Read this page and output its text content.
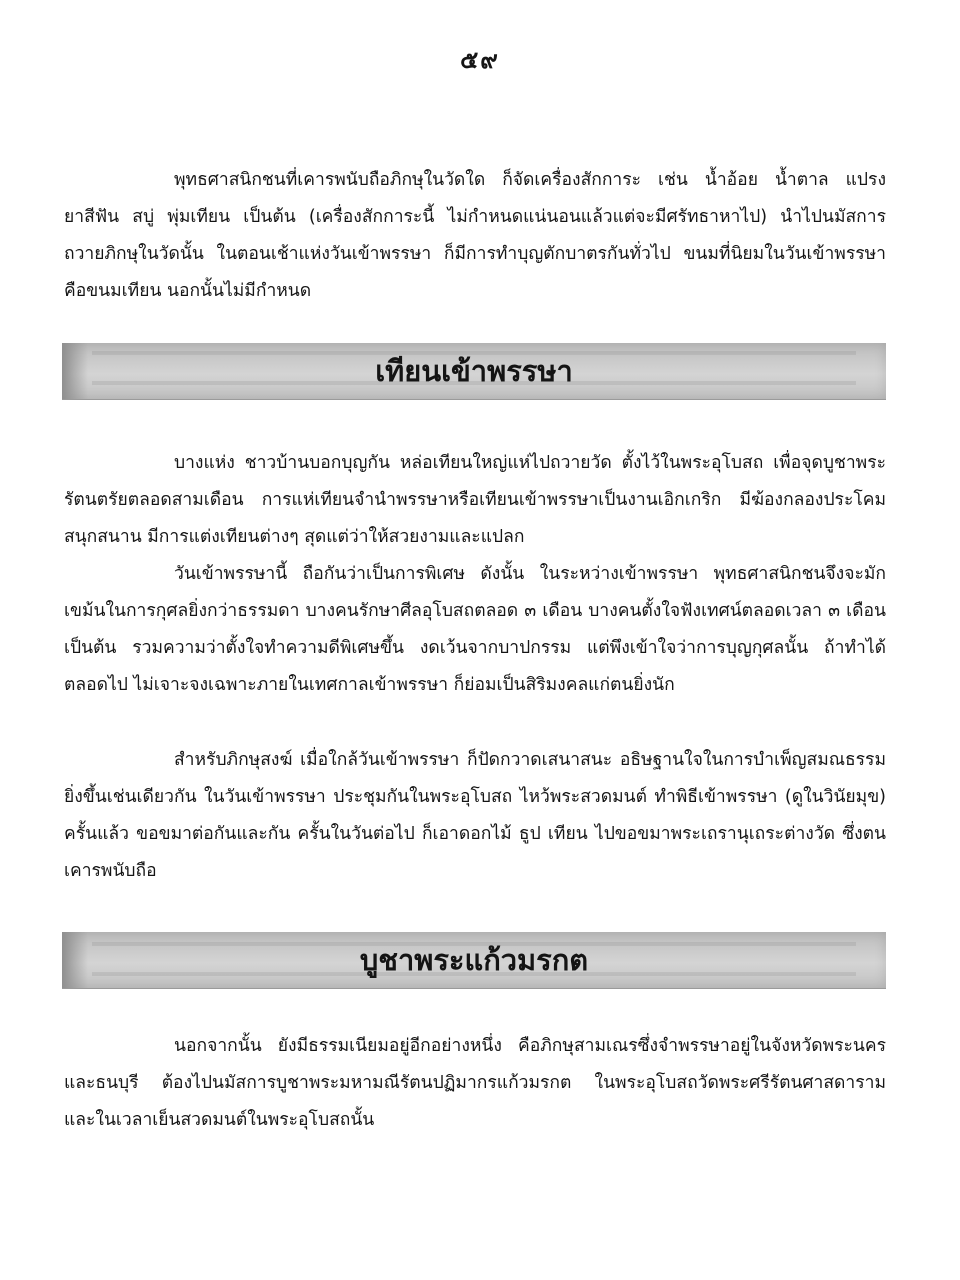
๕๙

พุทธศาสนิกชนที่เคารพนับถือภิกษุในวัดใด ก็จัดเครื่องสักการะ เช่น น้ำอ้อย น้ำตาล แปรง ยาสีฟัน สบู่ พุ่มเทียน เป็นต้น (เครื่องสักการะนี้ ไม่กำหนดแน่นอนแล้วแต่จะมีศรัทธาหาไป) นำไปนมัสการ ถวายภิกษุในวัดนั้น ในตอนเช้าแห่งวันเข้าพรรษา ก็มีการทำบุญตักบาตรกันทั่วไป ขนมที่นิยมในวันเข้าพรรษา คือขนมเทียน นอกนั้นไม่มีกำหนด

เทียนเข้าพรรษา

บางแห่ง ชาวบ้านบอกบุญกัน หล่อเทียนใหญ่แห่ไปถวายวัด ตั้งไว้ในพระอุโบสถ เพื่อจุดบูชาพระรัตนตรัยตลอดสามเดือน การแห่เทียนจำนำพรรษาหรือเทียนเข้าพรรษาเป็นงานเอิกเกริก มีฆ้องกลองประโคมสนุกสนาน มีการแต่งเทียนต่างๆ สุดแต่ว่าให้สวยงามและแปลก

วันเข้าพรรษานี้ ถือกันว่าเป็นการพิเศษ ดังนั้น ในระหว่างเข้าพรรษา พุทธศาสนิกชนจึงจะมักเขม้นในการกุศลยิ่งกว่าธรรมดา บางคนรักษาศีลอุโบสถตลอด ๓ เดือน บางคนตั้งใจฟังเทศน์ตลอดเวลา ๓ เดือน เป็นต้น รวมความว่าตั้งใจทำความดีพิเศษขึ้น งดเว้นจากบาปกรรม แต่พึงเข้าใจว่าการบุญกุศลนั้น ถ้าทำได้ตลอดไป ไม่เจาะจงเฉพาะภายในเทศกาลเข้าพรรษา ก็ย่อมเป็นสิริมงคลแก่ตนยิ่งนัก

สำหรับภิกษุสงฆ์ เมื่อใกล้วันเข้าพรรษา ก็ปัดกวาดเสนาสนะ อธิษฐานใจในการบำเพ็ญสมณธรรมยิ่งขึ้นเช่นเดียวกัน ในวันเข้าพรรษา ประชุมกันในพระอุโบสถ ไหว้พระสวดมนต์ ทำพิธีเข้าพรรษา (ดูในวินัยมุข) ครั้นแล้ว ขอขมาต่อกันและกัน ครั้นในวันต่อไป ก็เอาดอกไม้ ธูป เทียน ไปขอขมาพระเถรานุเถระต่างวัด ซึ่งตนเคารพนับถือ

บูชาพระแก้วมรกต

นอกจากนั้น ยังมีธรรมเนียมอยู่อีกอย่างหนึ่ง คือภิกษุสามเณรซึ่งจำพรรษาอยู่ในจังหวัดพระนครและธนบุรี ต้องไปนมัสการบูชาพระมหามณีรัตนปฏิมากรแก้วมรกต ในพระอุโบสถวัดพระศรีรัตนศาสดาราม และในเวลาเย็นสวดมนต์ในพระอุโบสถนั้น
